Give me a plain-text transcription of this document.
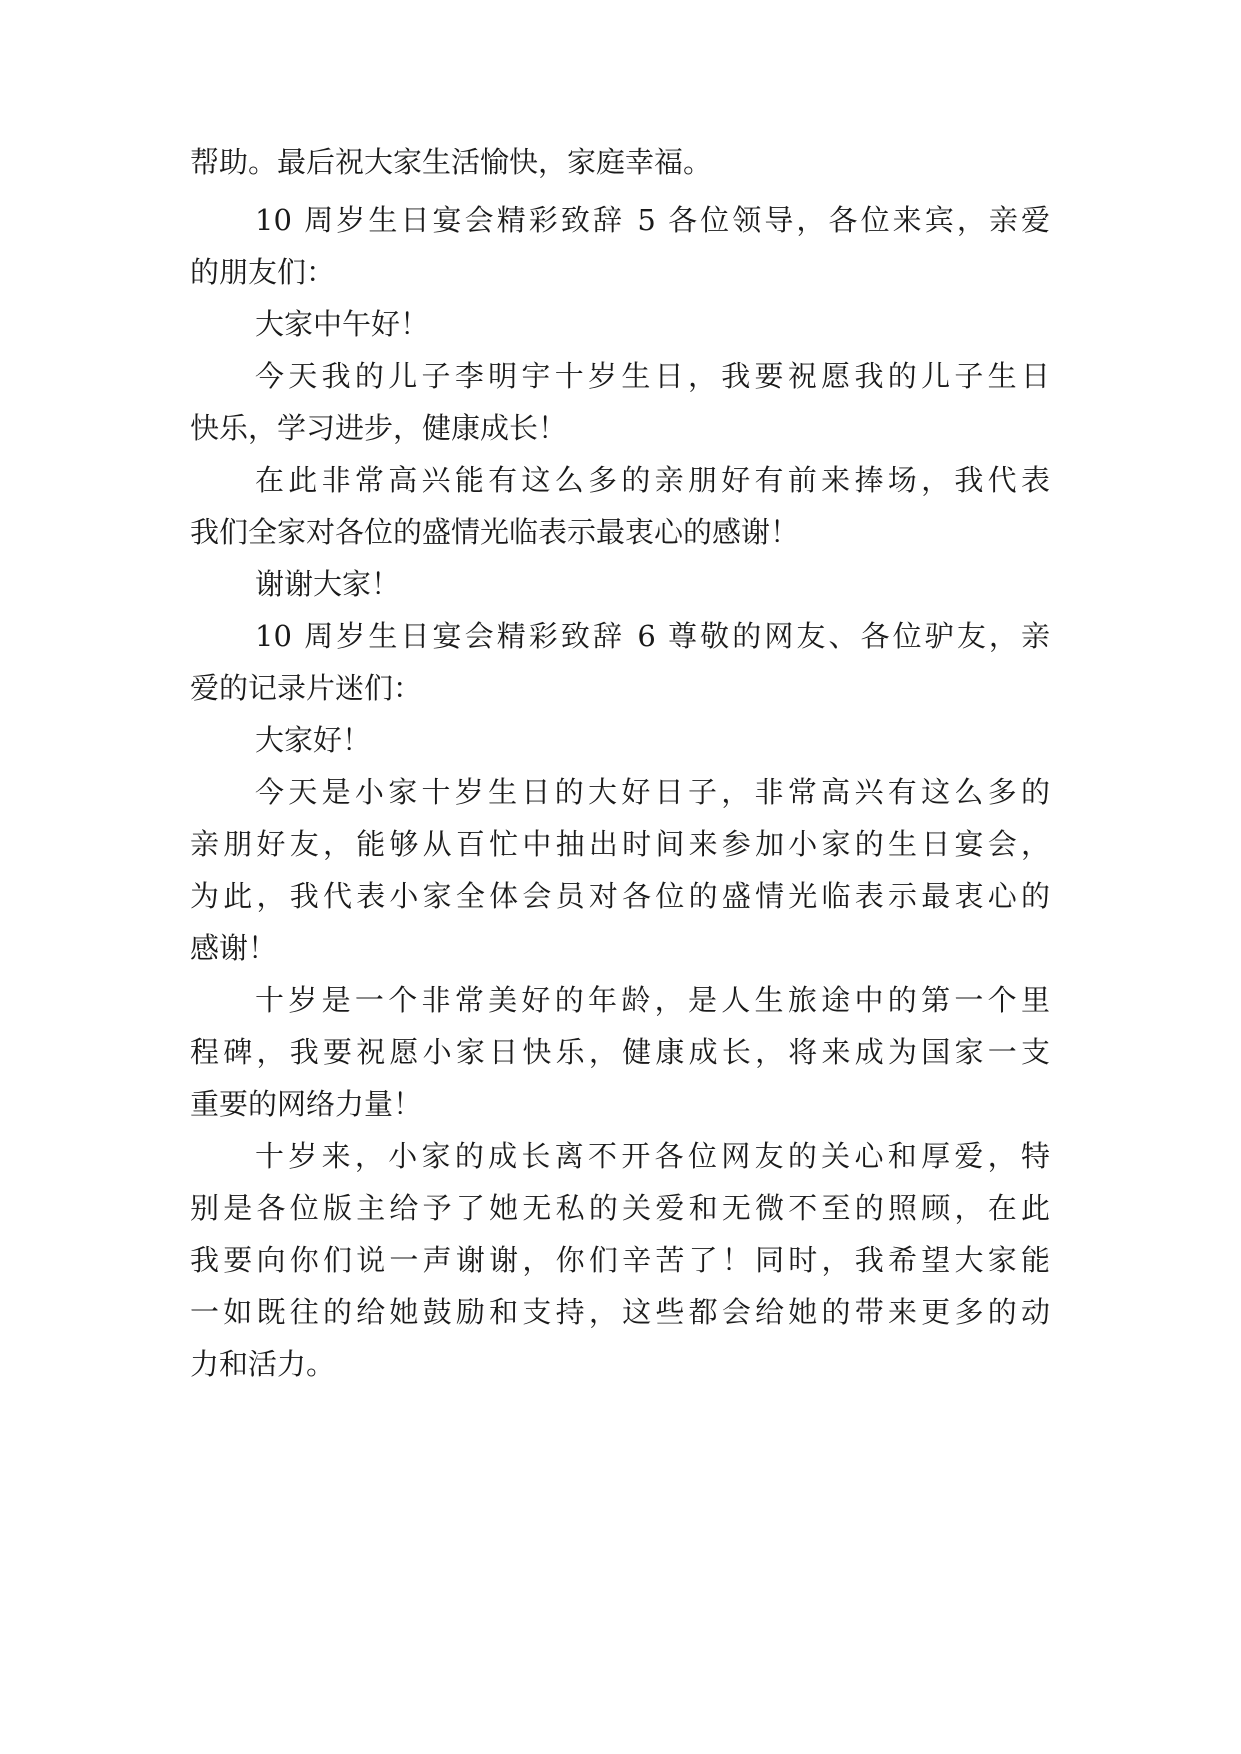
帮助。最后祝大家生活愉快，家庭幸福。
10 周岁生日宴会精彩致辞 5 各位领导，各位来宾，亲爱
的朋友们：
大家中午好！
今天我的儿子李明宇十岁生日，我要祝愿我的儿子生日
快乐，学习进步，健康成长！
在此非常高兴能有这么多的亲朋好有前来捧场，我代表
我们全家对各位的盛情光临表示最衷心的感谢！
谢谢大家！
10 周岁生日宴会精彩致辞 6 尊敬的网友、各位驴友，亲
爱的记录片迷们：
大家好！
今天是小家十岁生日的大好日子，非常高兴有这么多的
亲朋好友，能够从百忙中抽出时间来参加小家的生日宴会，
为此，我代表小家全体会员对各位的盛情光临表示最衷心的
感谢！
十岁是一个非常美好的年龄，是人生旅途中的第一个里
程碑，我要祝愿小家日快乐，健康成长，将来成为国家一支
重要的网络力量！
十岁来，小家的成长离不开各位网友的关心和厚爱，特
别是各位版主给予了她无私的关爱和无微不至的照顾，在此
我要向你们说一声谢谢，你们辛苦了！同时，我希望大家能
一如既往的给她鼓励和支持，这些都会给她的带来更多的动
力和活力。
